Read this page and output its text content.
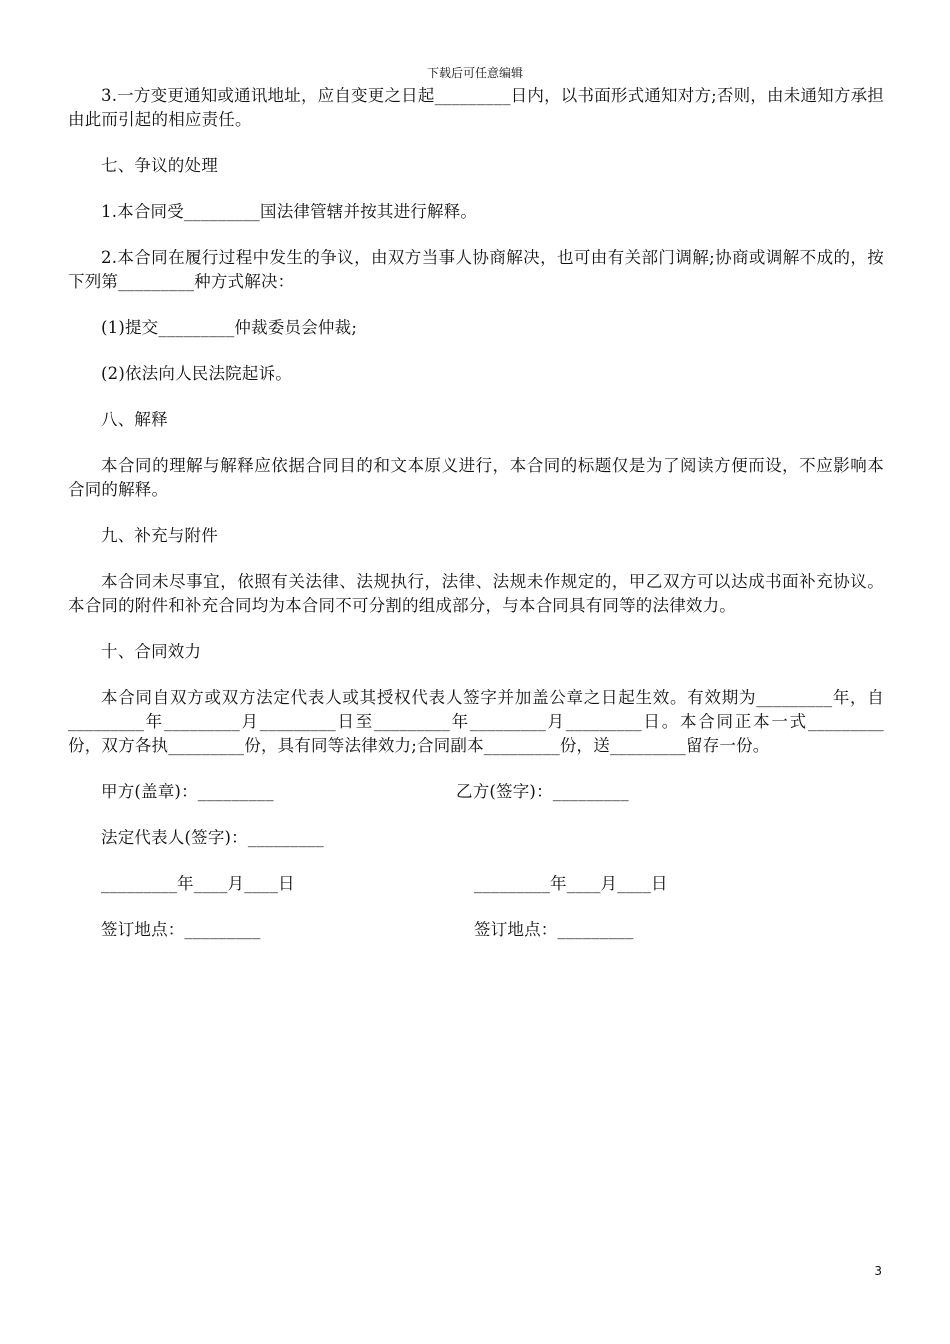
下载后可任意编辑

3.一方变更通知或通讯地址，应自变更之日起_________日内，以书面形式通知对方;否则，由未通知方承担由此而引起的相应责任。

七、争议的处理

1.本合同受_________国法律管辖并按其进行解释。

2.本合同在履行过程中发生的争议，由双方当事人协商解决，也可由有关部门调解;协商或调解不成的，按下列第_________种方式解决：

(1)提交_________仲裁委员会仲裁;

(2)依法向人民法院起诉。

八、解释

本合同的理解与解释应依据合同目的和文本原义进行，本合同的标题仅是为了阅读方便而设，不应影响本合同的解释。

九、补充与附件

本合同未尽事宜，依照有关法律、法规执行，法律、法规未作规定的，甲乙双方可以达成书面补充协议。本合同的附件和补充合同均为本合同不可分割的组成部分，与本合同具有同等的法律效力。

十、合同效力

本合同自双方或双方法定代表人或其授权代表人签字并加盖公章之日起生效。有效期为_________年，自_________年_________月_________日至_________年_________月_________日。本合同正本一式_________份，双方各执_________份，具有同等法律效力;合同副本_________份，送_________留存一份。

甲方(盖章)：_________	乙方(签字)：_________
法定代表人(签字)：_________
_________年____月____日	_________年____月____日
签订地点：_________	签订地点：_________
3
